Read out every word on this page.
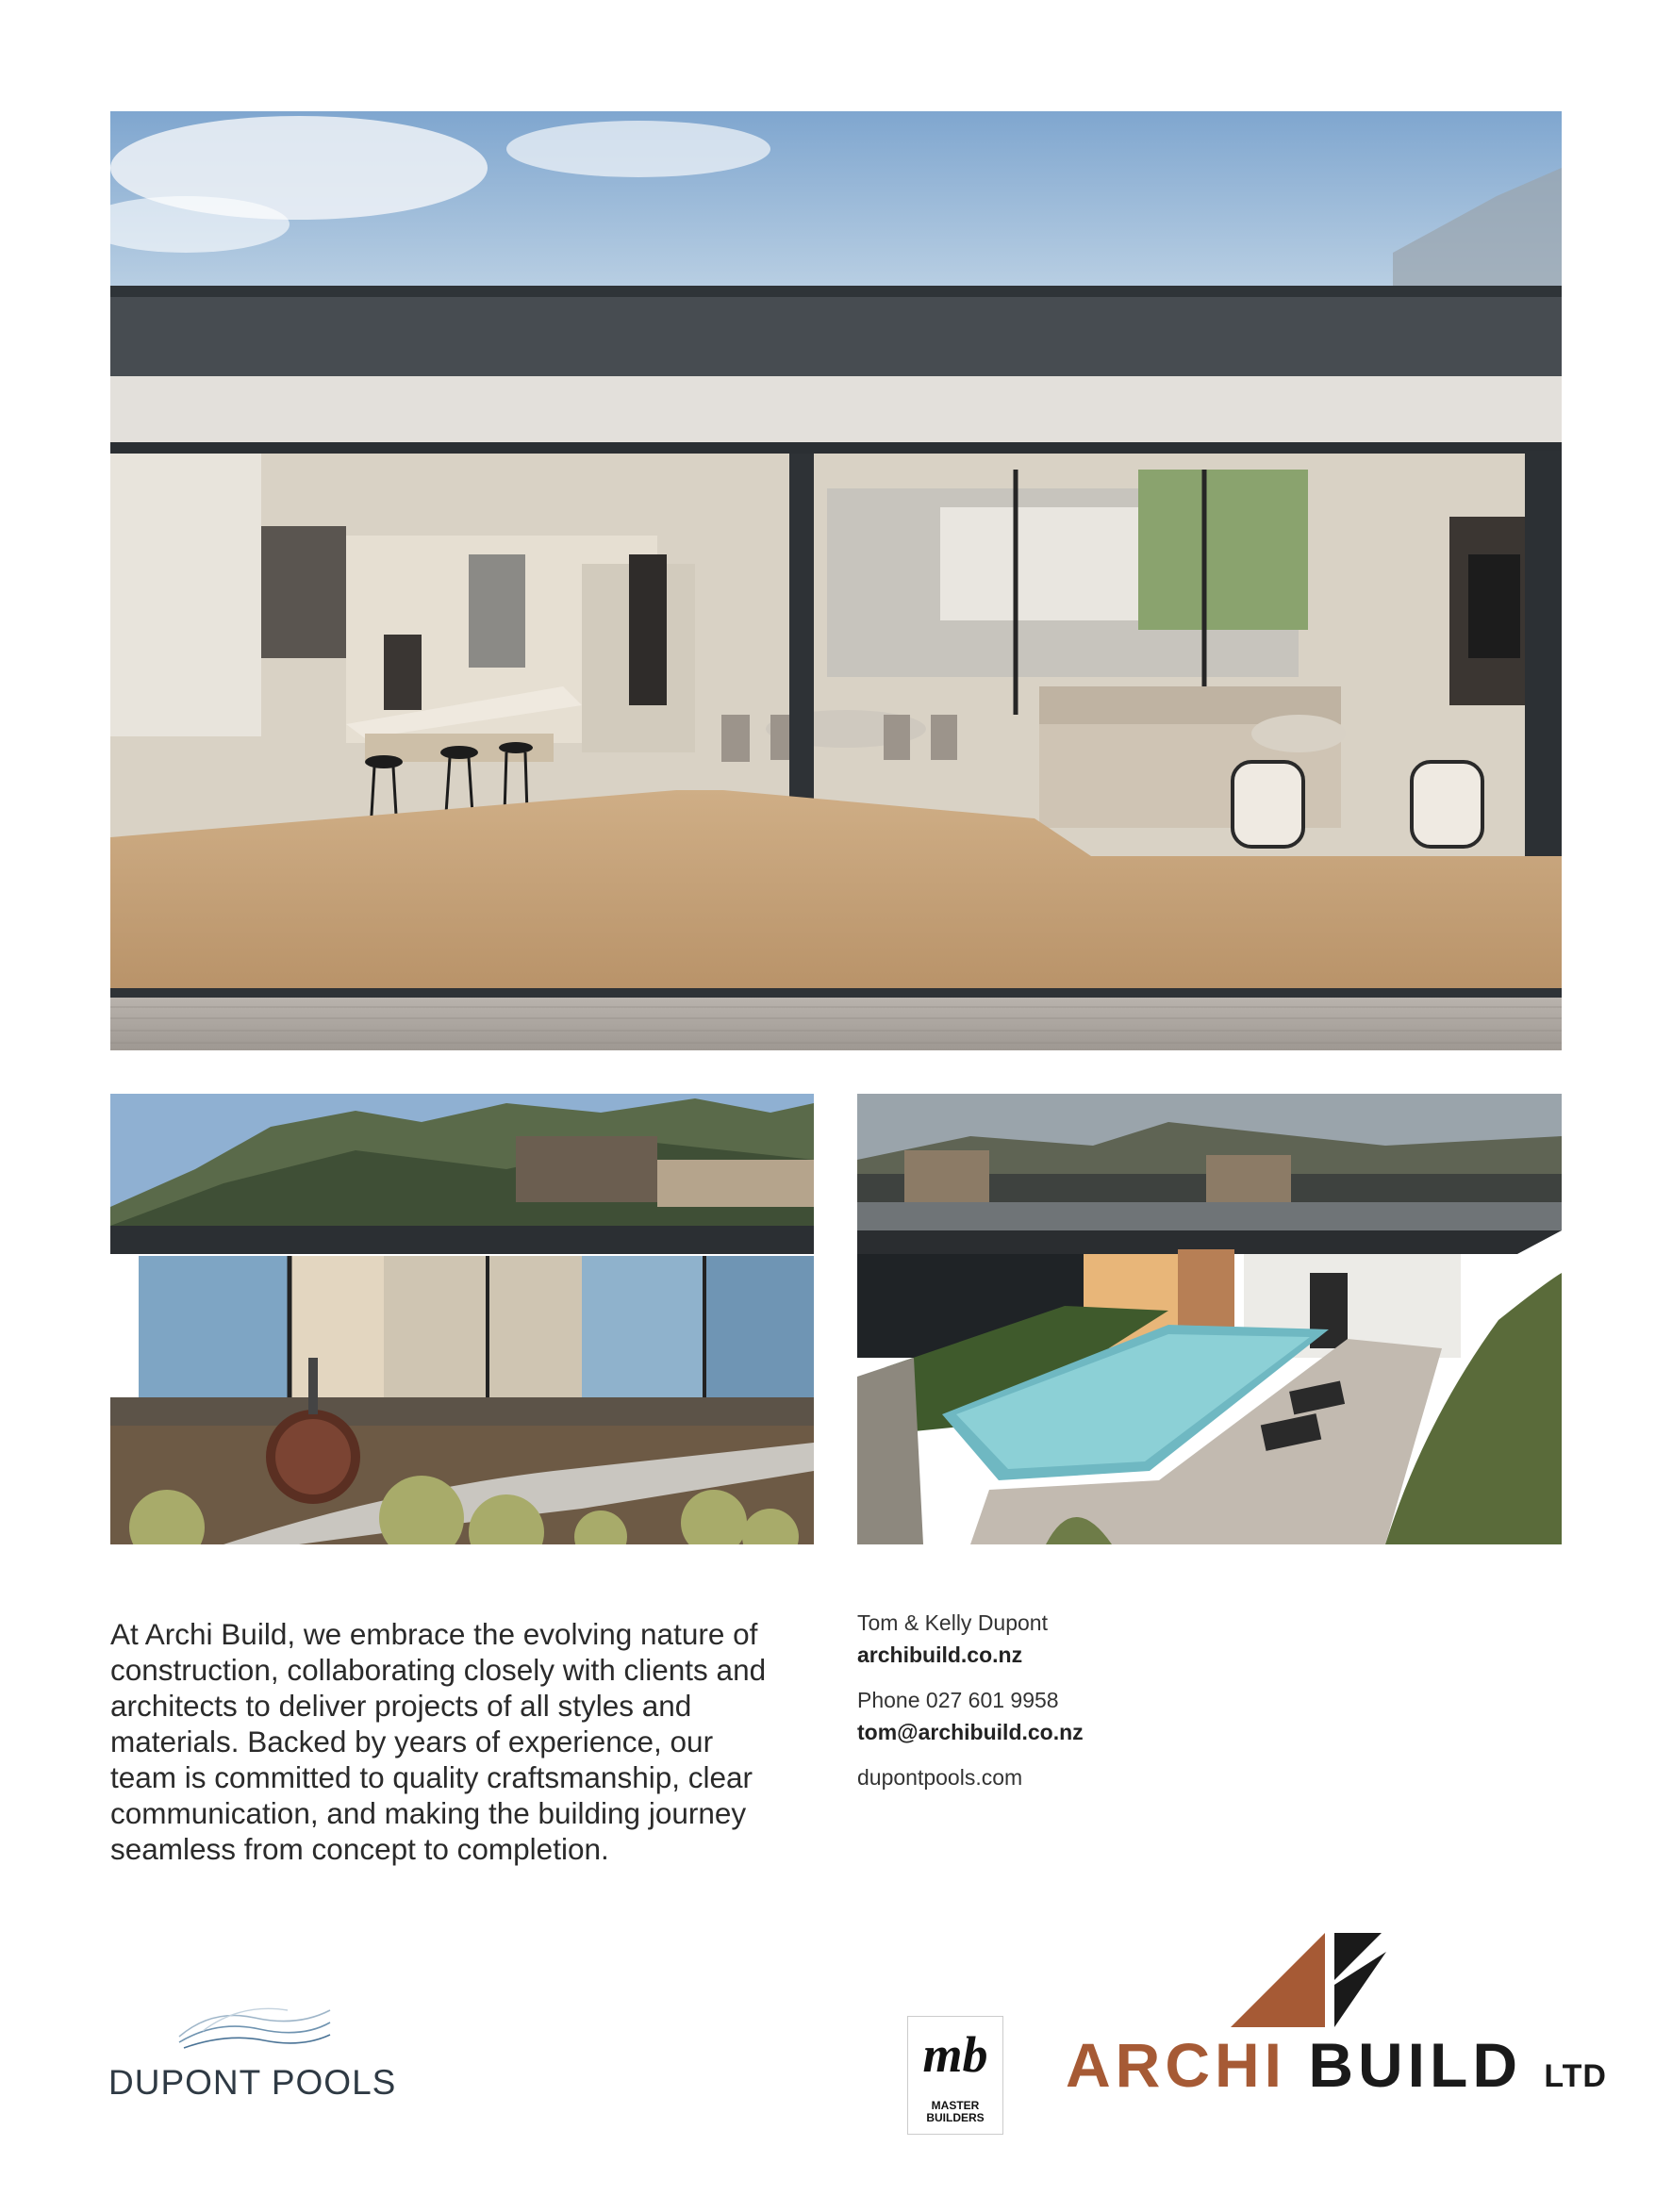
At Archi Build, we embrace the evolving nature of construction, collaborating closely with clients and architects to deliver projects of all styles and materials. Backed by years of experience, our team is committed to quality craftsmanship, clear communication, and making the building journey seamless from concept to completion.

Tom & Kelly Dupont
archibuild.co.nz
Phone 027 601 9958
tom@archibuild.co.nz
dupontpools.com
DUPONT POOLS	mb
MASTER
BUILDERS
ARCHI BUILD LTD
